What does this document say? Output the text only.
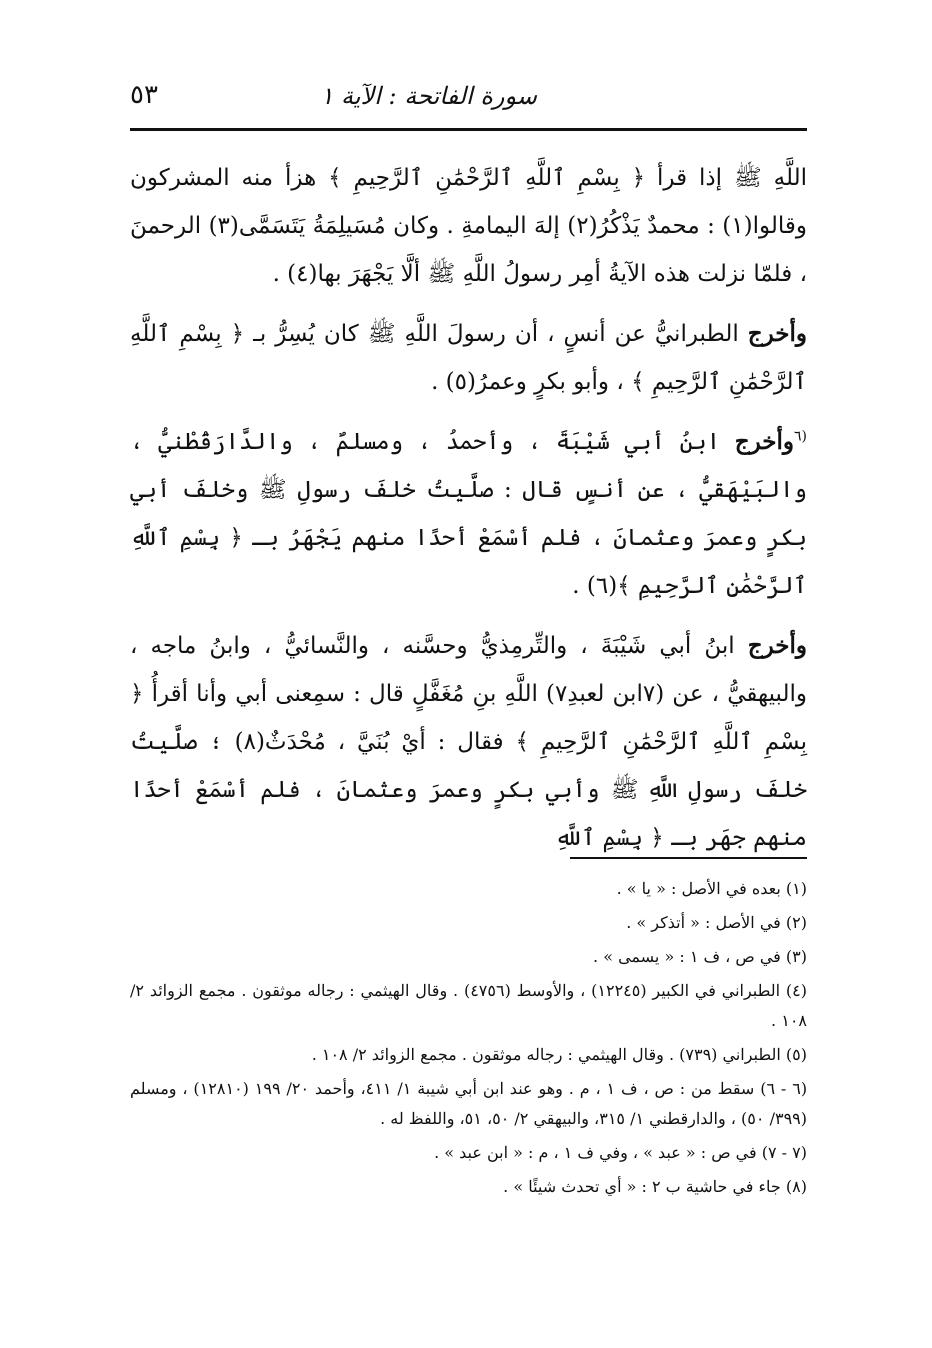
سورة الفاتحة : الآية ١
٥٣

اللَّهِ ﷺ إذا قرأ ﴿ بِسْمِ ٱللَّهِ ٱلرَّحْمَٰنِ ٱلرَّحِيمِ ﴾ هزأ منه المشركون وقالوا(١) : محمدٌ يَذْكُرُ(٢) إلهَ اليمامةِ . وكان مُسَيلِمَةُ يَتَسَمَّى(٣) الرحمنَ ، فلمّا نزلت هذه الآيةُ أمِر رسولُ اللَّهِ ﷺ ألَّا يَجْهَرَ بها(٤) .

وأخرج الطبرانيُّ عن أنسٍ ، أن رسولَ اللَّهِ ﷺ كان يُسِرُّ بـ ﴿ بِسْمِ ٱللَّهِ ٱلرَّحْمَٰنِ ٱلرَّحِيمِ ﴾ ، وأبو بكرٍ وعمرُ(٥) .

$^{(٦}$وأخرج ابنُ أبي شَيْبَةَ ، وأحمدُ ، ومسلمٌ ، والدَّارَقُطْنيُّ ، والبَيْهَقيُّ ، عن أنسٍ قال : صلَّيتُ خلفَ رسولِ ﷺ وخلفَ أبي بكرٍ وعمرَ وعثمانَ ، فلم أسْمَعْ أحدًا منهم يَجْهَرُ بـ ﴿ بِسْمِ ٱللَّهِ ٱلرَّحْمَٰنِ ٱلرَّحِيمِ ﴾(٦) .

وأخرج ابنُ أبي شَيْبَةَ ، والتِّرمِذيُّ وحسَّنه ، والنَّسائيُّ ، وابنُ ماجه ، والبيهقيُّ ، عن (٧ابن لعبدِ٧) اللَّهِ بنِ مُغَفَّلٍ قال : سمِعنى أبي وأنا أقرأُ ﴿ بِسْمِ ٱللَّهِ ٱلرَّحْمَٰنِ ٱلرَّحِيمِ ﴾ فقال : أيْ بُنَيَّ ، مُحْدَثٌ(٨) ؛ صلَّيتُ خلفَ رسولِ اللَّهِ ﷺ وأبي بكرٍ وعمرَ وعثمانَ ، فلم أسْمَعْ أحدًا منهم جهَر بـ ﴿ بِسْمِ ٱللَّهِ

(١) بعده في الأصل : « يا » .
(٢) في الأصل : « أتذكر » .
(٣) في ص ، ف ١ : « يسمى » .
(٤) الطبراني في الكبير (١٢٢٤٥) ، والأوسط (٤٧٥٦) . وقال الهيثمي : رجاله موثقون . مجمع الزوائد ٢/ ١٠٨ .
(٥) الطبراني (٧٣٩) . وقال الهيثمي : رجاله موثقون . مجمع الزوائد ٢/ ١٠٨ .
(٦ - ٦) سقط من : ص ، ف ١ ، م . وهو عند ابن أبي شيبة ١/ ٤١١، وأحمد ٢٠/ ١٩٩ (١٢٨١٠) ، ومسلم (٣٩٩/ ٥٠) ، والدارقطني ١/ ٣١٥، والبيهقي ٢/ ٥٠، ٥١، واللفظ له .
(٧ - ٧) في ص : « عبد » ، وفي ف ١ ، م : « ابن عبد » .
(٨) جاء في حاشية ب ٢ : « أي تحدث شيئًا » .
